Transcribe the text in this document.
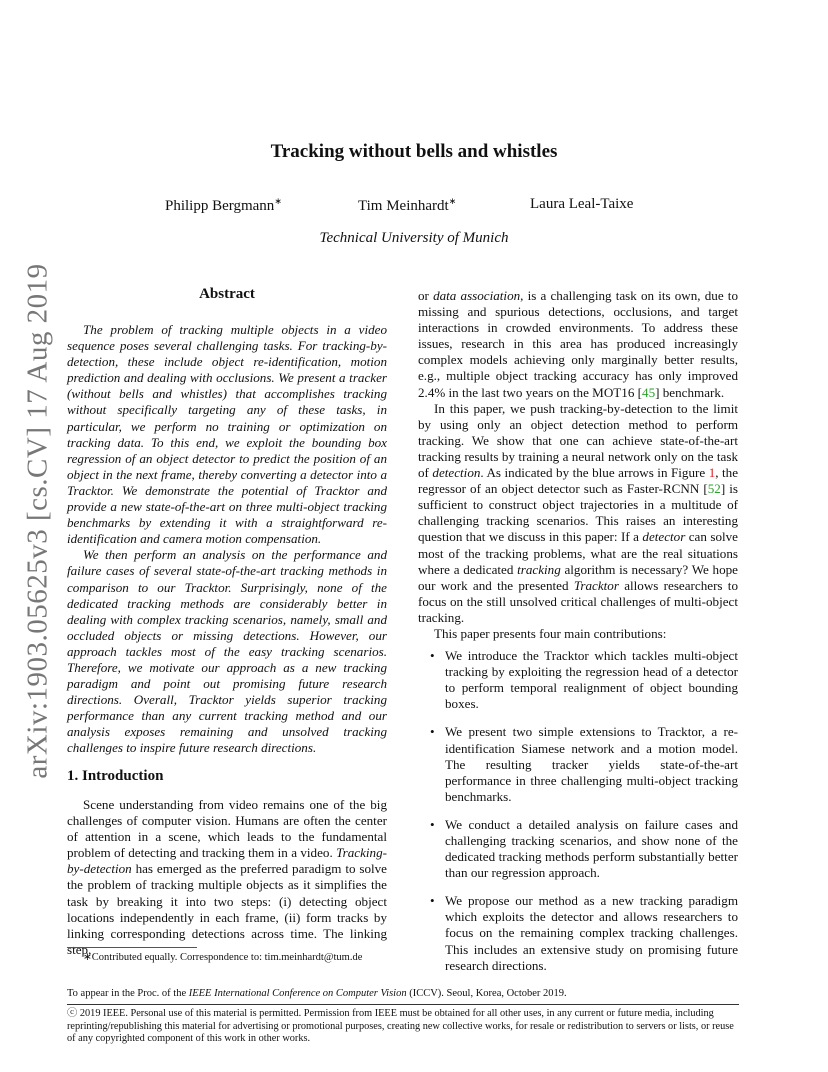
Tracking without bells and whistles
Philipp Bergmann∗	Tim Meinhardt∗	Laura Leal-Taixe
Technical University of Munich
arXiv:1903.05625v3 [cs.CV] 17 Aug 2019	Abstract

The problem of tracking multiple objects in a video sequence poses several challenging tasks. For tracking-by-detection, these include object re-identification, motion prediction and dealing with occlusions. We present a tracker (without bells and whistles) that accomplishes tracking without specifically targeting any of these tasks, in particular, we perform no training or optimization on tracking data. To this end, we exploit the bounding box regression of an object detector to predict the position of an object in the next frame, thereby converting a detector into a Tracktor. We demonstrate the potential of Tracktor and provide a new state-of-the-art on three multi-object tracking benchmarks by extending it with a straightforward re-identification and camera motion compensation.

We then perform an analysis on the performance and failure cases of several state-of-the-art tracking methods in comparison to our Tracktor. Surprisingly, none of the dedicated tracking methods are considerably better in dealing with complex tracking scenarios, namely, small and occluded objects or missing detections. However, our approach tackles most of the easy tracking scenarios. Therefore, we motivate our approach as a new tracking paradigm and point out promising future research directions. Overall, Tracktor yields superior tracking performance than any current tracking method and our analysis exposes remaining and unsolved tracking challenges to inspire future research directions.

1. Introduction

Scene understanding from video remains one of the big challenges of computer vision. Humans are often the center of attention in a scene, which leads to the fundamental problem of detecting and tracking them in a video. Tracking-by-detection has emerged as the preferred paradigm to solve the problem of tracking multiple objects as it simplifies the task by breaking it into two steps: (i) detecting object locations independently in each frame, (ii) form tracks by linking corresponding detections across time. The linking step,

∗Contributed equally. Correspondence to: tim.meinhardt@tum.de

or data association, is a challenging task on its own, due to missing and spurious detections, occlusions, and target interactions in crowded environments. To address these issues, research in this area has produced increasingly complex models achieving only marginally better results, e.g., multiple object tracking accuracy has only improved 2.4% in the last two years on the MOT16 [45] benchmark.

In this paper, we push tracking-by-detection to the limit by using only an object detection method to perform tracking. We show that one can achieve state-of-the-art tracking results by training a neural network only on the task of detection. As indicated by the blue arrows in Figure 1, the regressor of an object detector such as Faster-RCNN [52] is sufficient to construct object trajectories in a multitude of challenging tracking scenarios. This raises an interesting question that we discuss in this paper: If a detector can solve most of the tracking problems, what are the real situations where a dedicated tracking algorithm is necessary? We hope our work and the presented Tracktor allows researchers to focus on the still unsolved critical challenges of multi-object tracking.

This paper presents four main contributions:

• We introduce the Tracktor which tackles multi-object tracking by exploiting the regression head of a detector to perform temporal realignment of object bounding boxes.
• We present two simple extensions to Tracktor, a re-identification Siamese network and a motion model. The resulting tracker yields state-of-the-art performance in three challenging multi-object tracking benchmarks.
• We conduct a detailed analysis on failure cases and challenging tracking scenarios, and show none of the dedicated tracking methods perform substantially better than our regression approach.
• We propose our method as a new tracking paradigm which exploits the detector and allows researchers to focus on the remaining complex tracking challenges. This includes an extensive study on promising future research directions.
To appear in the Proc. of the IEEE International Conference on Computer Vision (ICCV). Seoul, Korea, October 2019.
ⓒ 2019 IEEE. Personal use of this material is permitted. Permission from IEEE must be obtained for all other uses, in any current or future media, including reprinting/republishing this material for advertising or promotional purposes, creating new collective works, for resale or redistribution to servers or lists, or reuse of any copyrighted component of this work in other works.
